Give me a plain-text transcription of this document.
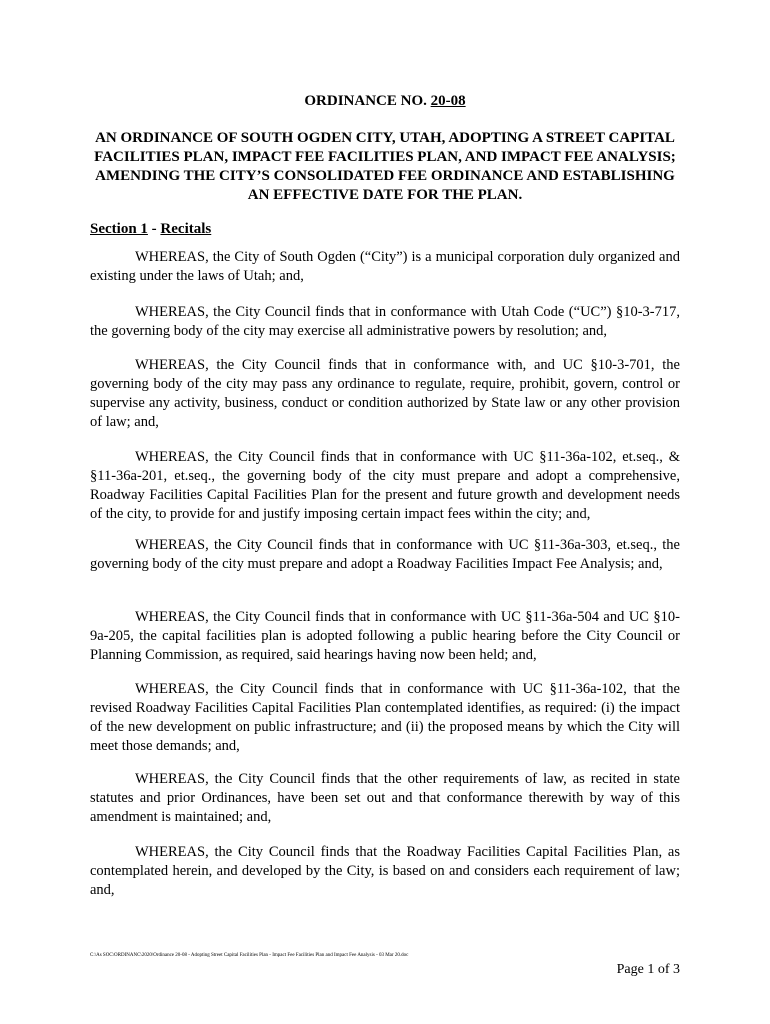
ORDINANCE NO. 20-08
AN ORDINANCE OF SOUTH OGDEN CITY, UTAH, ADOPTING A STREET CAPITAL FACILITIES PLAN, IMPACT FEE FACILITIES PLAN, AND IMPACT FEE ANALYSIS; AMENDING THE CITY’S CONSOLIDATED FEE ORDINANCE AND ESTABLISHING AN EFFECTIVE DATE FOR THE PLAN.
Section 1 - Recitals

WHEREAS, the City of South Ogden (“City”) is a municipal corporation duly organized and existing under the laws of Utah; and,

WHEREAS, the City Council finds that in conformance with Utah Code (“UC”) §10-3-717, the governing body of the city may exercise all administrative powers by resolution; and,

WHEREAS, the City Council finds that in conformance with, and UC §10-3-701, the governing body of the city may pass any ordinance to regulate, require, prohibit, govern, control or supervise any activity, business, conduct or condition authorized by State law or any other provision of law; and,

WHEREAS, the City Council finds that in conformance with UC §11-36a-102, et.seq., & §11-36a-201, et.seq., the governing body of the city must prepare and adopt a comprehensive, Roadway Facilities Capital Facilities Plan for the present and future growth and development needs of the city, to provide for and justify imposing certain impact fees within the city; and,

WHEREAS, the City Council finds that in conformance with UC §11-36a-303, et.seq., the governing body of the city must prepare and adopt a Roadway Facilities Impact Fee Analysis; and,

WHEREAS, the City Council finds that in conformance with UC §11-36a-504 and UC §10-9a-205, the capital facilities plan is adopted following a public hearing before the City Council or Planning Commission, as required, said hearings having now been held; and,

WHEREAS, the City Council finds that in conformance with UC §11-36a-102, that the revised Roadway Facilities Capital Facilities Plan contemplated identifies, as required: (i) the impact of the new development on public infrastructure; and (ii) the proposed means by which the City will meet those demands; and,

WHEREAS, the City Council finds that the other requirements of law, as recited in state statutes and prior Ordinances, have been set out and that conformance therewith by way of this amendment is maintained; and,

WHEREAS, the City Council finds that the Roadway Facilities Capital Facilities Plan, as contemplated herein, and developed by the City, is based on and considers each requirement of law; and,

C:\As SOC\ORDINANC\2020\Ordinance 20-08 - Adopting Street Capital Facilities Plan - Impact Fee Facilities Plan and Impact Fee Analysis - 03 Mar 20.doc
Page 1 of 3
